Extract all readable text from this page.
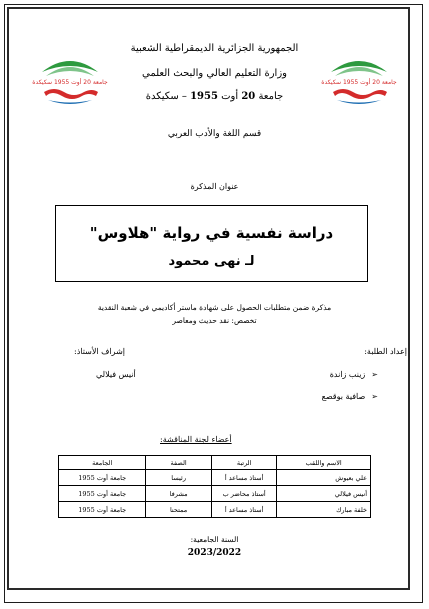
جامعة 20 أوت 1955 سكيكدة	جامعة 20 أوت 1955 سكيكدة
الجمهورية الجزائرية الديمقراطية الشعبية
وزارة التعليم العالي والبحث العلمي
جامعة 20 أوت 1955 – سكيكدة
قسم اللغة والأدب العربي
عنوان المذكرة
دراسة نفسية في رواية "هلاوس"
لـ نهى محمود
مذكرة ضمن متطلبات الحصول على شهادة ماستر أكاديمي في شعبة النقدية
تخصص: نقد حديث ومعاصر
إعداد الطلبة:
➢زينب زاندة
➢صافية بوقصع
إشراف الأستاذ:
أنيس فيلالي
أعضاء لجنة المناقشة:
الاسم واللقب	الرتبة	الصفة	الجامعة
علي بعيوش	أستاذ مساعد أ	رئيسا	جامعة أوت 1955
أنيس فيلالي	أستاذ محاضر ب	مشرفا	جامعة أوت 1955
خلفة مبارك	أستاذ مساعد أ	ممتحنا	جامعة أوت 1955
السنة الجامعية:
2023/2022
